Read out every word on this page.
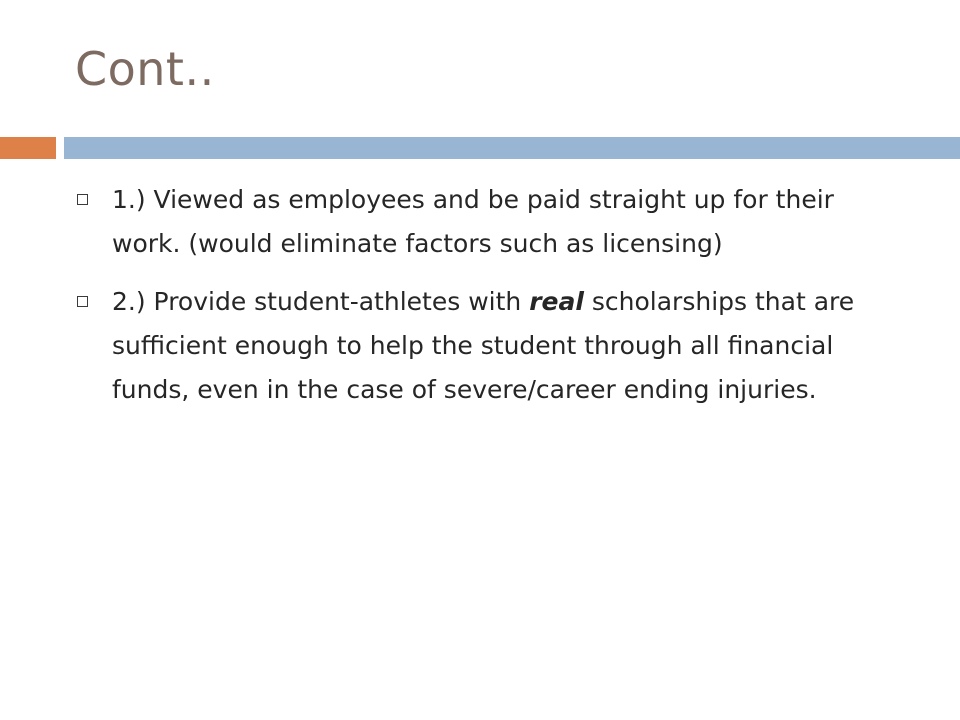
Cont..
1.) Viewed as employees and be paid straight up for their work. (would eliminate factors such as licensing)
2.) Provide student-athletes with real scholarships that are sufficient enough to help the student through all financial funds, even in the case of severe/career ending injuries.
